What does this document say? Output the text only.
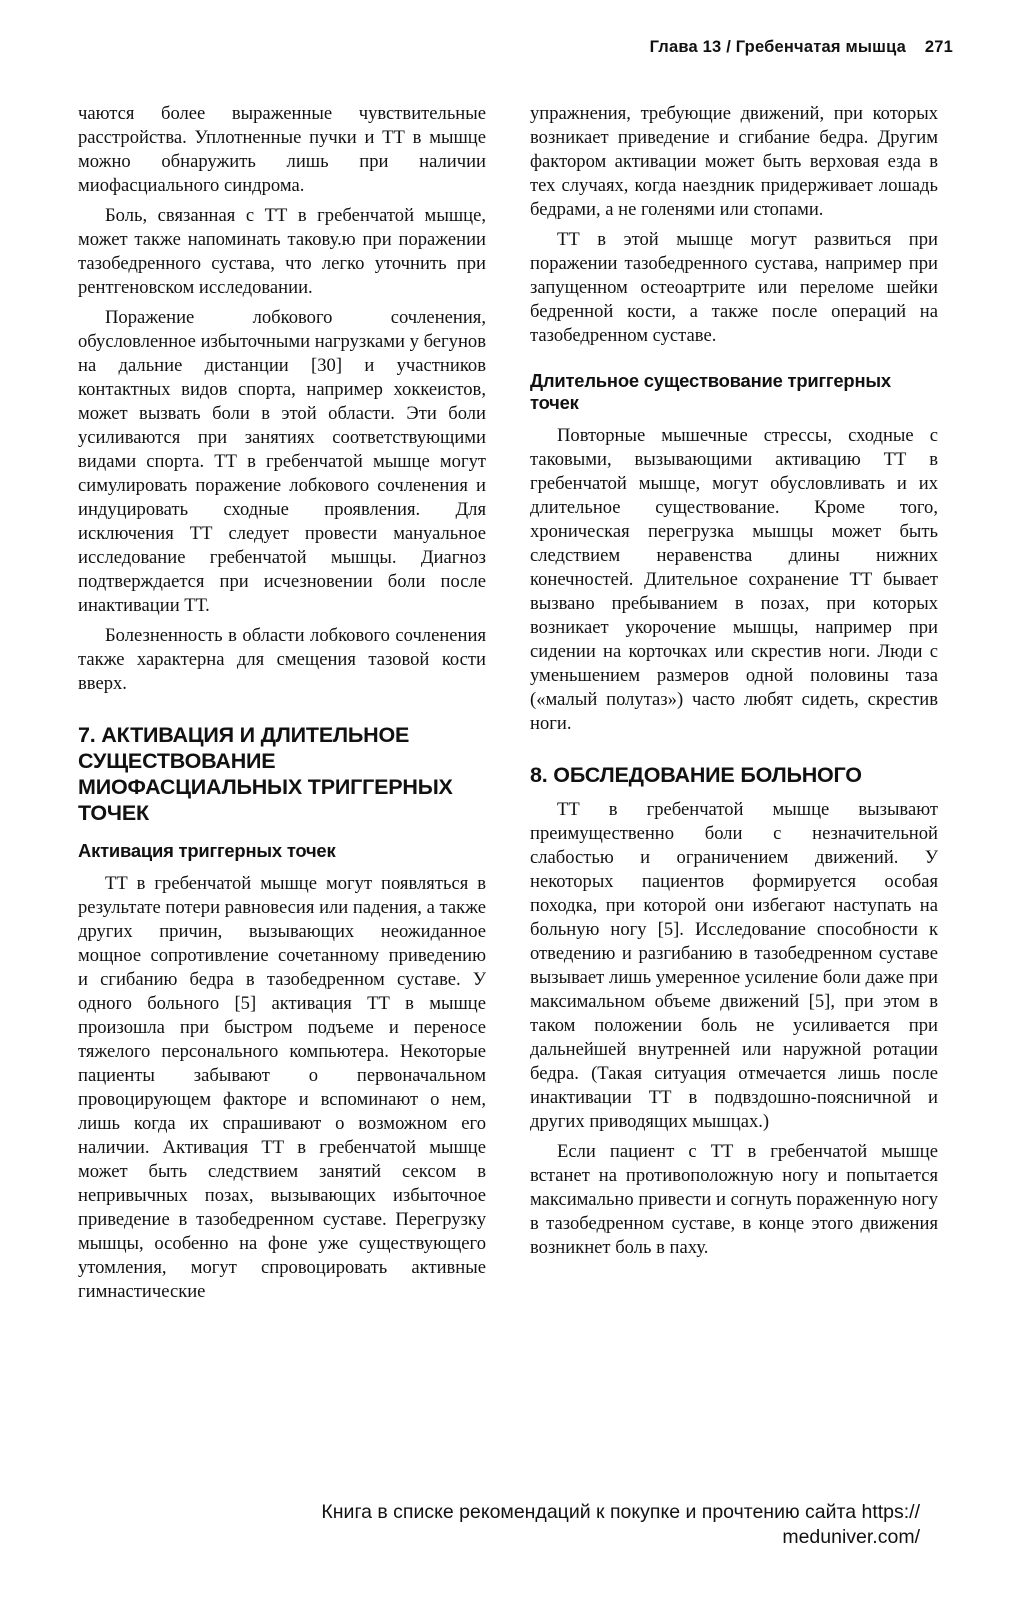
Глава 13 / Гребенчатая мышца 271

чаются более выраженные чувствительные расстройства. Уплотненные пучки и ТТ в мышце можно обнаружить лишь при наличии миофасциального синдрома.

Боль, связанная с ТТ в гребенчатой мышце, может также напоминать такову.ю при поражении тазобедренного сустава, что легко уточнить при рентгеновском исследовании.

Поражение лобкового сочленения, обусловленное избыточными нагрузками у бегунов на дальние дистанции [30] и участников контактных видов спорта, например хоккеистов, может вызвать боли в этой области. Эти боли усиливаются при занятиях соответствующими видами спорта. ТТ в гребенчатой мышце могут симулировать поражение лобкового сочленения и индуцировать сходные проявления. Для исключения ТТ следует провести мануальное исследование гребенчатой мышцы. Диагноз подтверждается при исчезновении боли после инактивации ТТ.

Болезненность в области лобкового сочленения также характерна для смещения тазовой кости вверх.

7. АКТИВАЦИЯ И ДЛИТЕЛЬНОЕ СУЩЕСТВОВАНИЕ МИОФАСЦИАЛЬНЫХ ТРИГГЕРНЫХ ТОЧЕК
Активация триггерных точек

ТТ в гребенчатой мышце могут появляться в результате потери равновесия или падения, а также других причин, вызывающих неожиданное мощное сопротивление сочетанному приведению и сгибанию бедра в тазобедренном суставе. У одного больного [5] активация ТТ в мышце произошла при быстром подъеме и переносе тяжелого персонального компьютера. Некоторые пациенты забывают о первоначальном провоцирующем факторе и вспоминают о нем, лишь когда их спрашивают о возможном его наличии. Активация ТТ в гребенчатой мышце может быть следствием занятий сексом в непривычных позах, вызывающих избыточное приведение в тазобедренном суставе. Перегрузку мышцы, особенно на фоне уже существующего утомления, могут спровоцировать активные гимнастические

упражнения, требующие движений, при которых возникает приведение и сгибание бедра. Другим фактором активации может быть верховая езда в тех случаях, когда наездник придерживает лошадь бедрами, а не голенями или стопами.

ТТ в этой мышце могут развиться при поражении тазобедренного сустава, например при запущенном остеоартрите или переломе шейки бедренной кости, а также после операций на тазобедренном суставе.

Длительное существование триггерных точек

Повторные мышечные стрессы, сходные с таковыми, вызывающими активацию ТТ в гребенчатой мышце, могут обусловливать и их длительное существование. Кроме того, хроническая перегрузка мышцы может быть следствием неравенства длины нижних конечностей. Длительное сохранение ТТ бывает вызвано пребыванием в позах, при которых возникает укорочение мышцы, например при сидении на корточках или скрестив ноги. Люди с уменьшением размеров одной половины таза («малый полутаз») часто любят сидеть, скрестив ноги.

8. ОБСЛЕДОВАНИЕ БОЛЬНОГО

ТТ в гребенчатой мышце вызывают преимущественно боли с незначительной слабостью и ограничением движений. У некоторых пациентов формируется особая походка, при которой они избегают наступать на больную ногу [5]. Исследование способности к отведению и разгибанию в тазобедренном суставе вызывает лишь умеренное усиление боли даже при максимальном объеме движений [5], при этом в таком положении боль не усиливается при дальнейшей внутренней или наружной ротации бедра. (Такая ситуация отмечается лишь после инактивации ТТ в подвздошно-поясничной и других приводящих мышцах.)

Если пациент с ТТ в гребенчатой мышце встанет на противоположную ногу и попытается максимально привести и согнуть пораженную ногу в тазобедренном суставе, в конце этого движения возникнет боль в паху.

Книга в списке рекомендаций к покупке и прочтению сайта https://
meduniver.com/
